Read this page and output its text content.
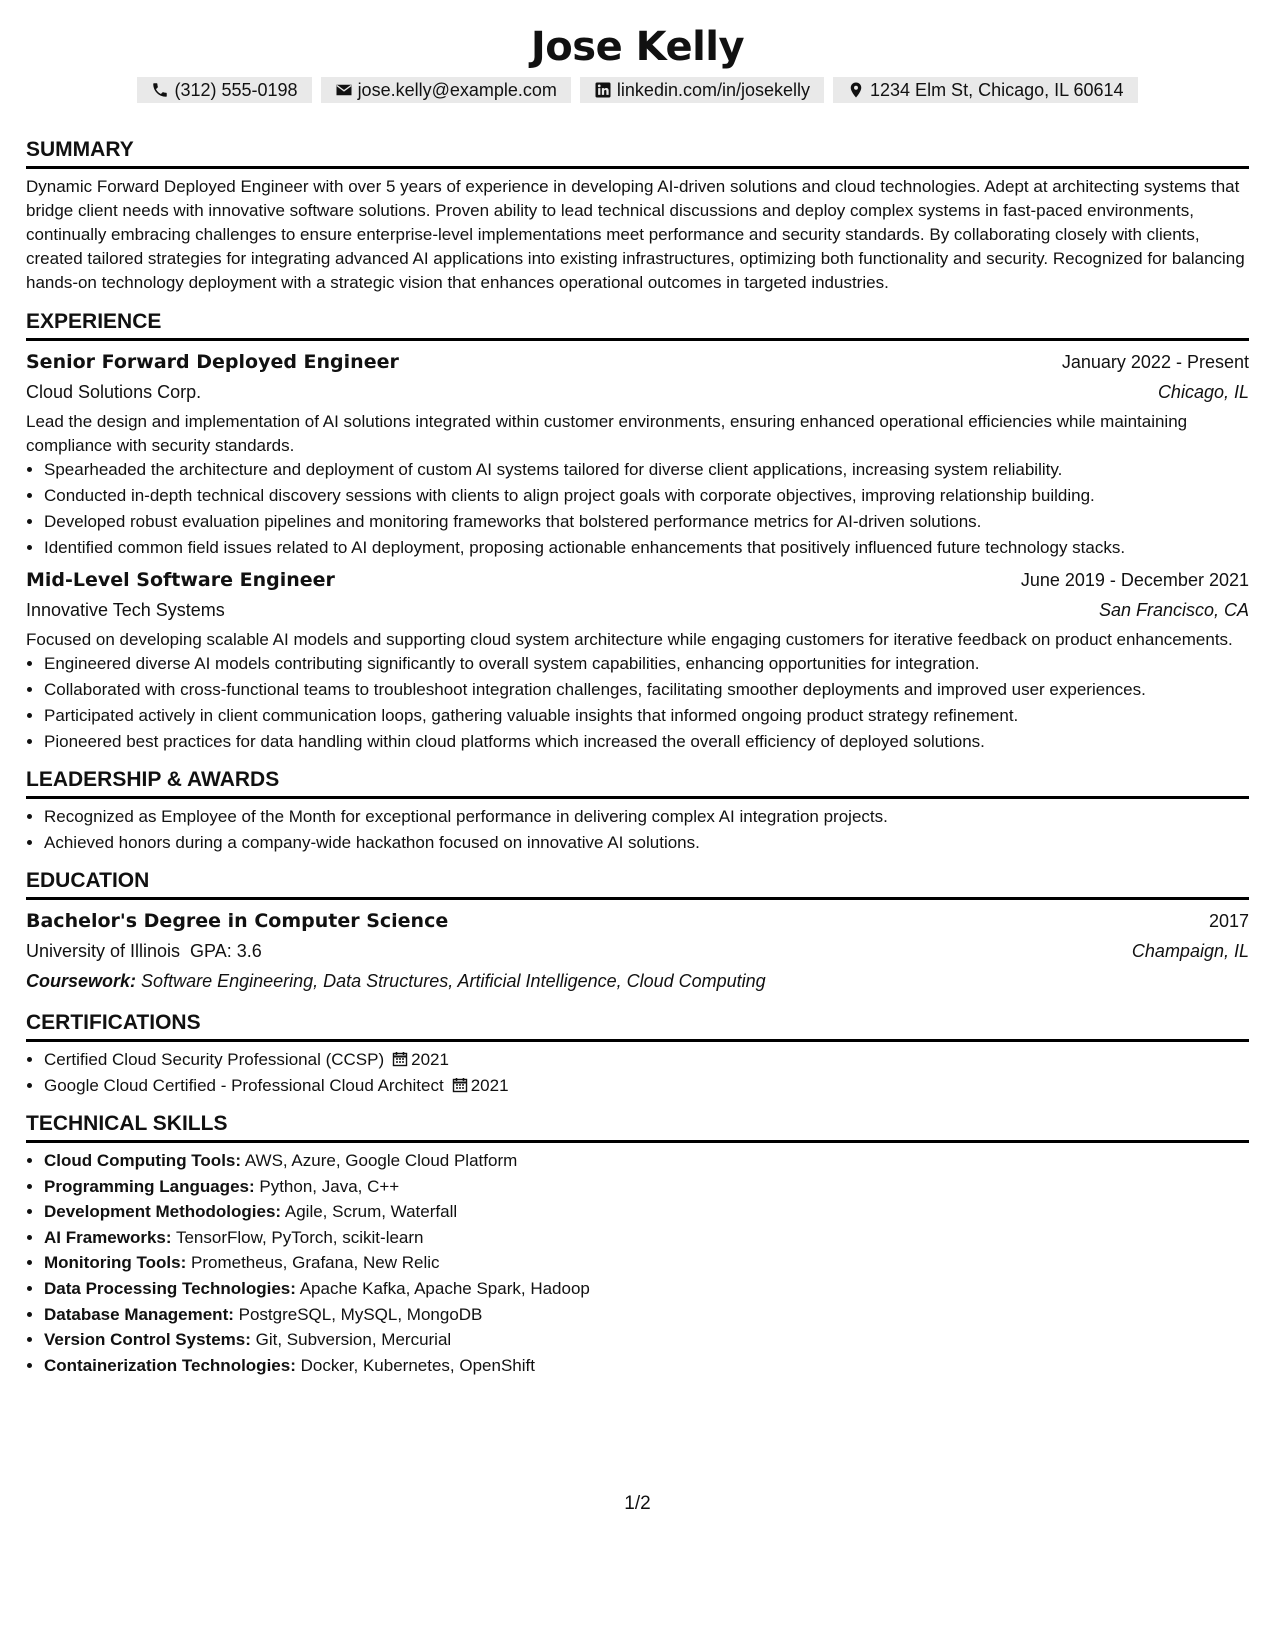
Jose Kelly
(312) 555-0198	jose.kelly@example.com	linkedin.com/in/josekelly	1234 Elm St, Chicago, IL 60614
SUMMARY

Dynamic Forward Deployed Engineer with over 5 years of experience in developing AI-driven solutions and cloud technologies. Adept at architecting systems that bridge client needs with innovative software solutions. Proven ability to lead technical discussions and deploy complex systems in fast-paced environments, continually embracing challenges to ensure enterprise-level implementations meet performance and security standards. By collaborating closely with clients, created tailored strategies for integrating advanced AI applications into existing infrastructures, optimizing both functionality and security. Recognized for balancing hands-on technology deployment with a strategic vision that enhances operational outcomes in targeted industries.

EXPERIENCE
Senior Forward Deployed Engineer	January 2022 - Present
Cloud Solutions Corp.	Chicago, IL

Lead the design and implementation of AI solutions integrated within customer environments, ensuring enhanced operational efficiencies while maintaining compliance with security standards.

• Spearheaded the architecture and deployment of custom AI systems tailored for diverse client applications, increasing system reliability.
• Conducted in-depth technical discovery sessions with clients to align project goals with corporate objectives, improving relationship building.
• Developed robust evaluation pipelines and monitoring frameworks that bolstered performance metrics for AI-driven solutions.
• Identified common field issues related to AI deployment, proposing actionable enhancements that positively influenced future technology stacks.
Mid-Level Software Engineer	June 2019 - December 2021
Innovative Tech Systems	San Francisco, CA

Focused on developing scalable AI models and supporting cloud system architecture while engaging customers for iterative feedback on product enhancements.

• Engineered diverse AI models contributing significantly to overall system capabilities, enhancing opportunities for integration.
• Collaborated with cross-functional teams to troubleshoot integration challenges, facilitating smoother deployments and improved user experiences.
• Participated actively in client communication loops, gathering valuable insights that informed ongoing product strategy refinement.
• Pioneered best practices for data handling within cloud platforms which increased the overall efficiency of deployed solutions.
LEADERSHIP & AWARDS
• Recognized as Employee of the Month for exceptional performance in delivering complex AI integration projects.
• Achieved honors during a company-wide hackathon focused on innovative AI solutions.
EDUCATION
Bachelor's Degree in Computer Science	2017
University of Illinois GPA: 3.6	Champaign, IL
Coursework: Software Engineering, Data Structures, Artificial Intelligence, Cloud Computing
CERTIFICATIONS
• Certified Cloud Security Professional (CCSP) 2021
• Google Cloud Certified - Professional Cloud Architect 2021
TECHNICAL SKILLS
• Cloud Computing Tools: AWS, Azure, Google Cloud Platform
• Programming Languages: Python, Java, C++
• Development Methodologies: Agile, Scrum, Waterfall
• AI Frameworks: TensorFlow, PyTorch, scikit-learn
• Monitoring Tools: Prometheus, Grafana, New Relic
• Data Processing Technologies: Apache Kafka, Apache Spark, Hadoop
• Database Management: PostgreSQL, MySQL, MongoDB
• Version Control Systems: Git, Subversion, Mercurial
• Containerization Technologies: Docker, Kubernetes, OpenShift
1/2
